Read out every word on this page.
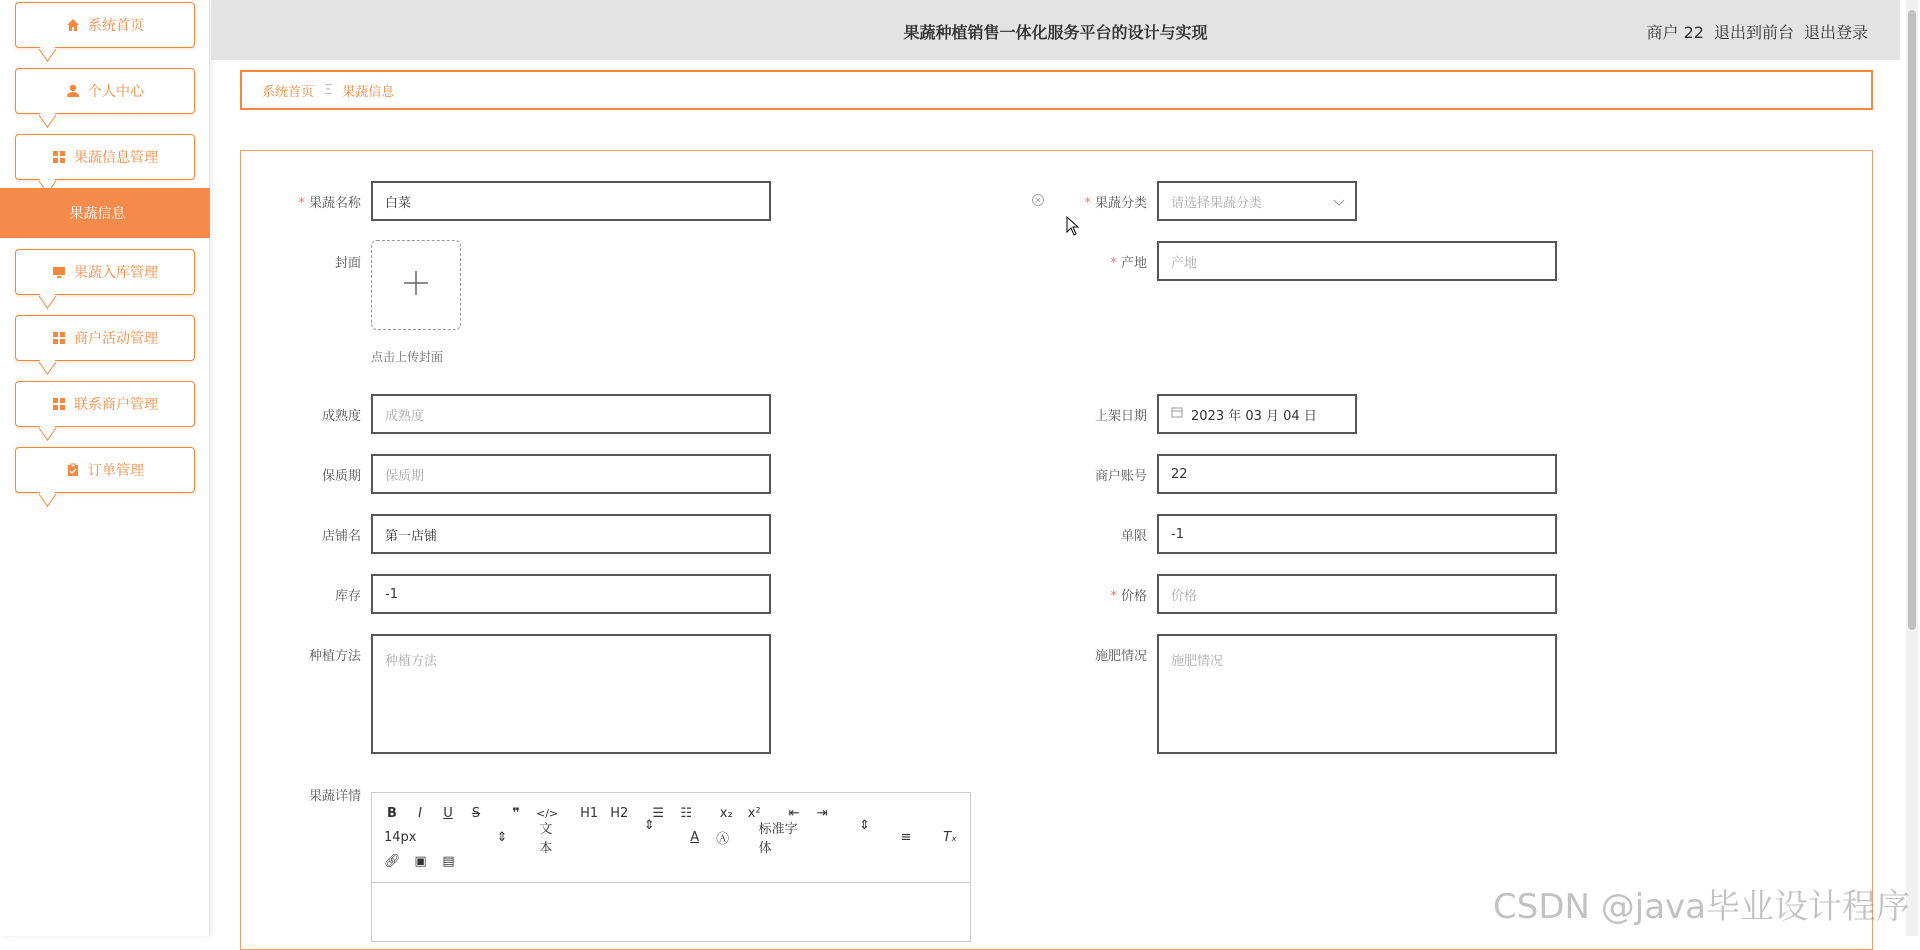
系统首页
个人中心
果蔬信息管理
果蔬信息
果蔬入库管理
商户活动管理
联系商户管理
订单管理
果蔬种植销售一体化服务平台的设计与实现	商户 22 退出到前台 退出登录
系统首页 Ξ 果蔬信息
* 果蔬名称	白菜
封面
点击上传封面
成熟度	成熟度
保质期	保质期
店铺名	第一店铺
库存	-1
种植方法	种植方法
果蔬详情
B	I	U S	❞	</> H1 H2 ☰ ☷ x₂ x² ⇤ ⇥
14px	⇕ 文本
⇕
A Ⓐ
标准字体
⇕
≡ Tₓ
🔗︎ ▣ ▤
* 果蔬分类 请选择果蔬分类
* 产地	产地
上架日期	2023 年 03 月 04 日
商户账号	22
单限	-1
* 价格	价格
施肥情况	施肥情况
CSDN @java毕业设计程序
